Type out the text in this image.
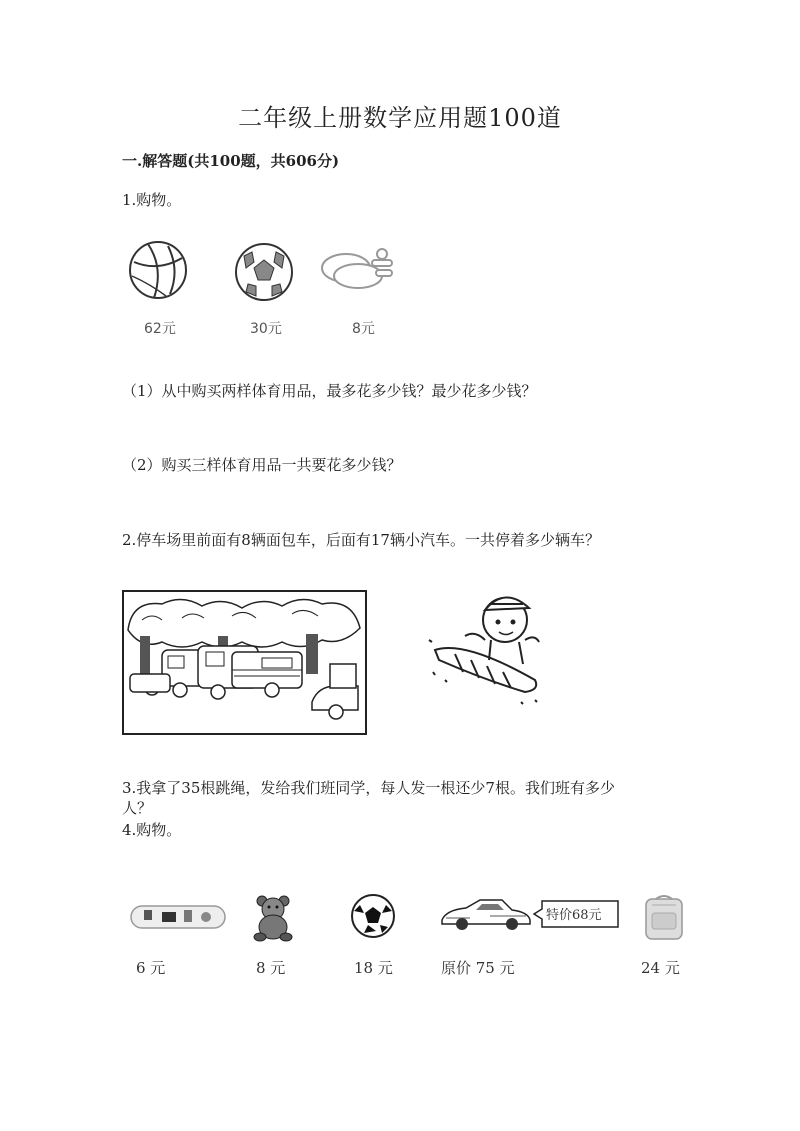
二年级上册数学应用题100道
一.解答题(共100题，共606分)
1.购物。
62元	30元	8元
（1）从中购买两样体育用品，最多花多少钱？最少花多少钱？
（2）购买三样体育用品一共要花多少钱？
2.停车场里前面有8辆面包车，后面有17辆小汽车。一共停着多少辆车？
3.我拿了35根跳绳，发给我们班同学，每人发一根还少7根。我们班有多少
人？
4.购物。
特价68元
6 元	8 元	18 元	原价 75 元	24 元
